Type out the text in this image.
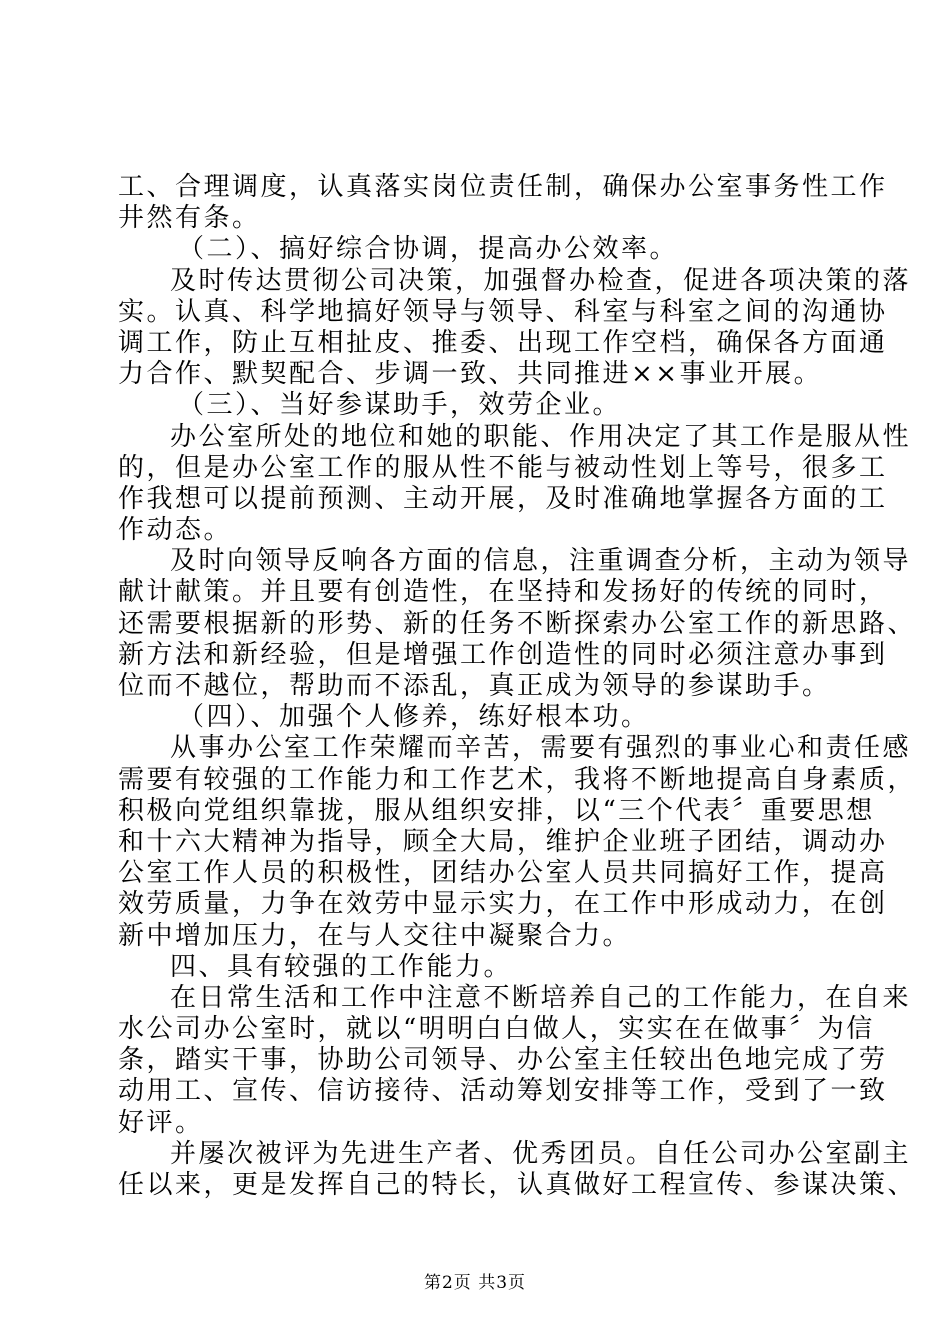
工、合理调度，认真落实岗位责任制，确保办公室事务性工作
井然有条。
（二）、搞好综合协调，提高办公效率。
及时传达贯彻公司决策，加强督办检查，促进各项决策的落
实。认真、科学地搞好领导与领导、科室与科室之间的沟通协
调工作，防止互相扯皮、推委、出现工作空档，确保各方面通
力合作、默契配合、步调一致、共同推进××事业开展。
（三）、当好参谋助手，效劳企业。
办公室所处的地位和她的职能、作用决定了其工作是服从性
的，但是办公室工作的服从性不能与被动性划上等号，很多工
作我想可以提前预测、主动开展，及时准确地掌握各方面的工
作动态。
及时向领导反响各方面的信息，注重调查分析，主动为领导
献计献策。并且要有创造性，在坚持和发扬好的传统的同时，
还需要根据新的形势、新的任务不断探索办公室工作的新思路、
新方法和新经验，但是增强工作创造性的同时必须注意办事到
位而不越位，帮助而不添乱，真正成为领导的参谋助手。
（四）、加强个人修养，练好根本功。
从事办公室工作荣耀而辛苦，需要有强烈的事业心和责任感
需要有较强的工作能力和工作艺术，我将不断地提高自身素质，
积极向党组织靠拢，服从组织安排，以“三个代表〞重要思想
和十六大精神为指导，顾全大局，维护企业班子团结，调动办
公室工作人员的积极性，团结办公室人员共同搞好工作，提高
效劳质量，力争在效劳中显示实力，在工作中形成动力，在创
新中增加压力，在与人交往中凝聚合力。
四、具有较强的工作能力。
在日常生活和工作中注意不断培养自己的工作能力，在自来
水公司办公室时，就以“明明白白做人，实实在在做事〞为信
条，踏实干事，协助公司领导、办公室主任较出色地完成了劳
动用工、宣传、信访接待、活动筹划安排等工作，受到了一致
好评。
并屡次被评为先进生产者、优秀团员。自任公司办公室副主
任以来，更是发挥自己的特长，认真做好工程宣传、参谋决策、
第2页 共3页
